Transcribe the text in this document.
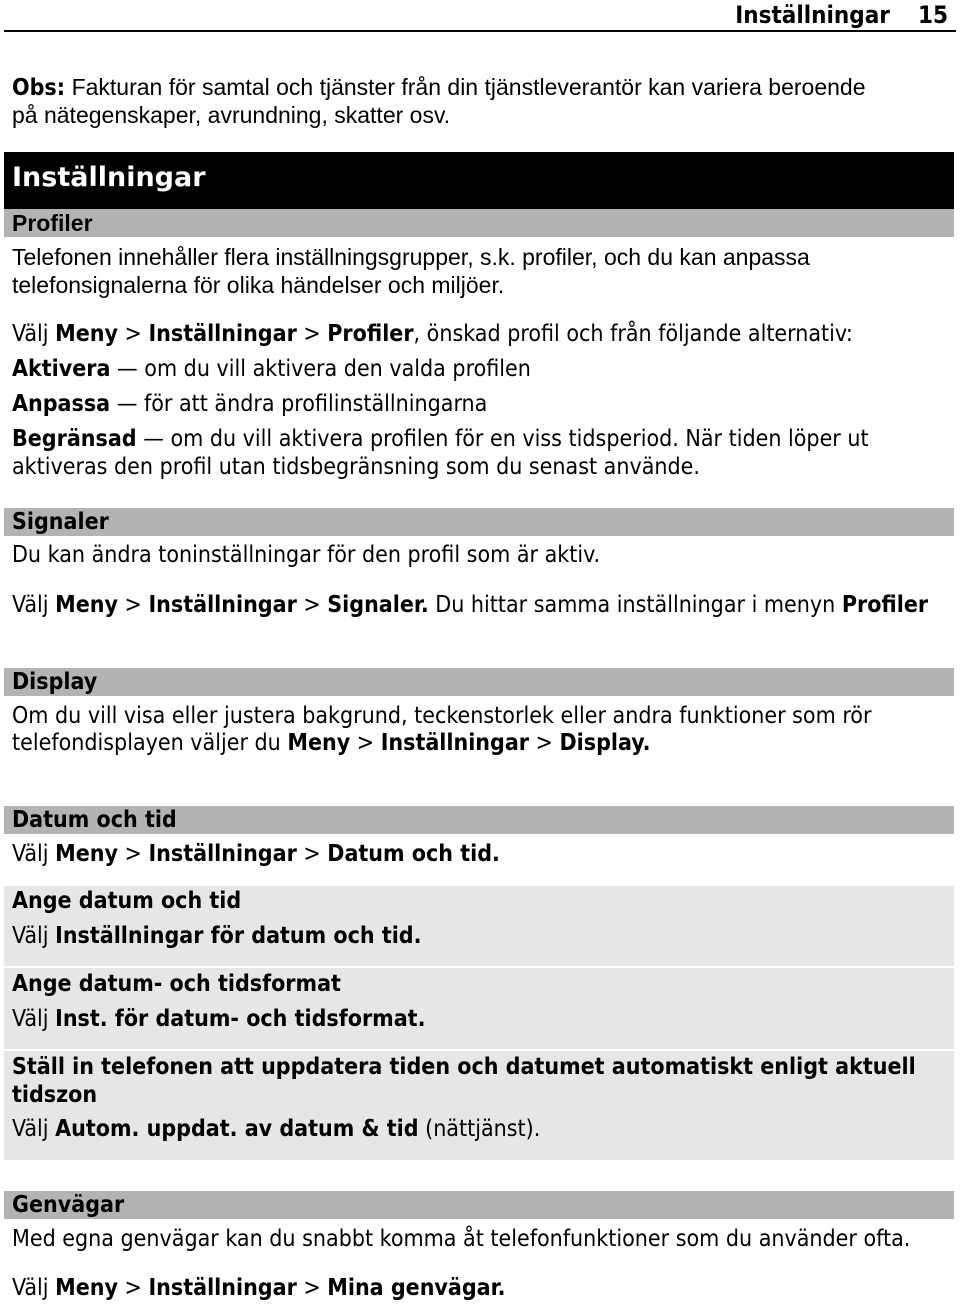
Inställningar 15
Obs: Fakturan för samtal och tjänster från din tjänstleverantör kan variera beroende
på nätegenskaper, avrundning, skatter osv.
Inställningar
Profiler
Telefonen innehåller flera inställningsgrupper, s.k. profiler, och du kan anpassa
telefonsignalerna för olika händelser och miljöer.
Välj Meny > Inställningar > Profiler, önskad profil och från följande alternativ:
Aktivera — om du vill aktivera den valda profilen
Anpassa — för att ändra profilinställningarna
Begränsad — om du vill aktivera profilen för en viss tidsperiod. När tiden löper ut
aktiveras den profil utan tidsbegränsning som du senast använde.
Signaler
Du kan ändra toninställningar för den profil som är aktiv.
Välj Meny > Inställningar > Signaler. Du hittar samma inställningar i menyn Profiler
Display
Om du vill visa eller justera bakgrund, teckenstorlek eller andra funktioner som rör
telefondisplayen väljer du Meny > Inställningar > Display.
Datum och tid
Välj Meny > Inställningar > Datum och tid.
Ange datum och tid
Välj Inställningar för datum och tid.
Ange datum- och tidsformat
Välj Inst. för datum- och tidsformat.
Ställ in telefonen att uppdatera tiden och datumet automatiskt enligt aktuell
tidszon
Välj Autom. uppdat. av datum & tid (nättjänst).
Genvägar
Med egna genvägar kan du snabbt komma åt telefonfunktioner som du använder ofta.
Välj Meny > Inställningar > Mina genvägar.
